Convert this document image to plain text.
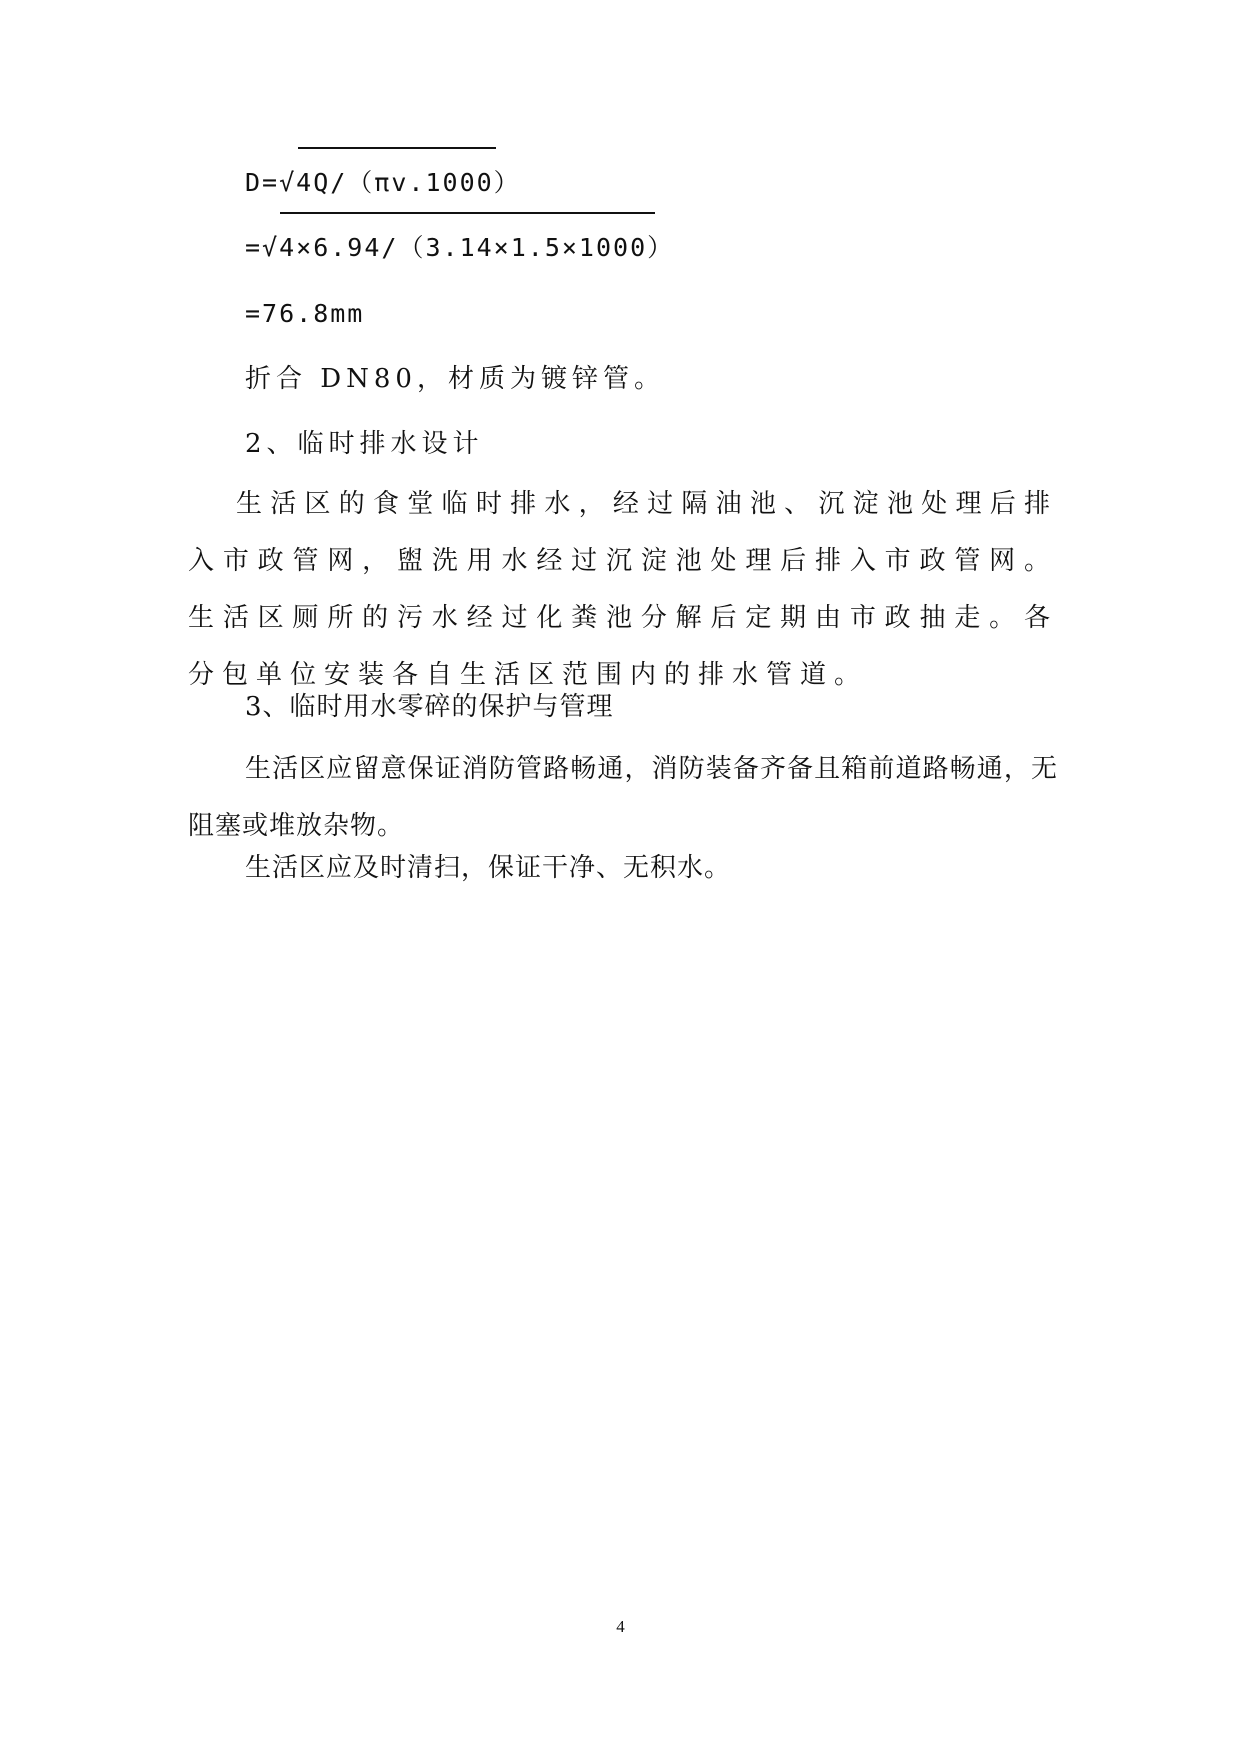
D=√4Q/（πv.1000）
=√4×6.94/（3.14×1.5×1000）
=76.8mm
折合 DN80，材质为镀锌管。
2、临时排水设计
生活区的食堂临时排水，经过隔油池、沉淀池处理后排入市政管网，盥洗用水经过沉淀池处理后排入市政管网。生活区厕所的污水经过化粪池分解后定期由市政抽走。各分包单位安装各自生活区范围内的排水管道。
3、临时用水零碎的保护与管理
生活区应留意保证消防管路畅通，消防装备齐备且箱前道路畅通，无阻塞或堆放杂物。
生活区应及时清扫，保证干净、无积水。
4
